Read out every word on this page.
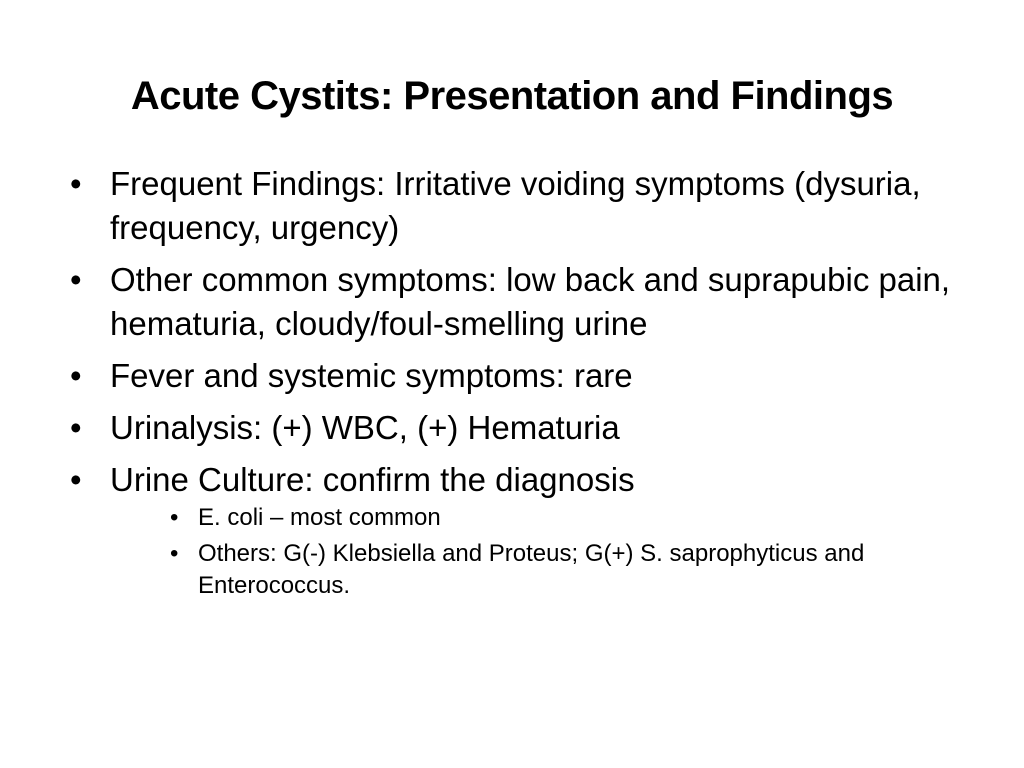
Acute Cystits: Presentation and Findings
• Frequent Findings: Irritative voiding symptoms (dysuria, frequency, urgency)
• Other common symptoms: low back and suprapubic pain, hematuria, cloudy/foul-smelling urine
• Fever and systemic symptoms: rare
• Urinalysis: (+) WBC, (+) Hematuria
• Urine Culture: confirm the diagnosis
• E. coli – most common
• Others: G(-) Klebsiella and Proteus; G(+) S. saprophyticus and Enterococcus.
